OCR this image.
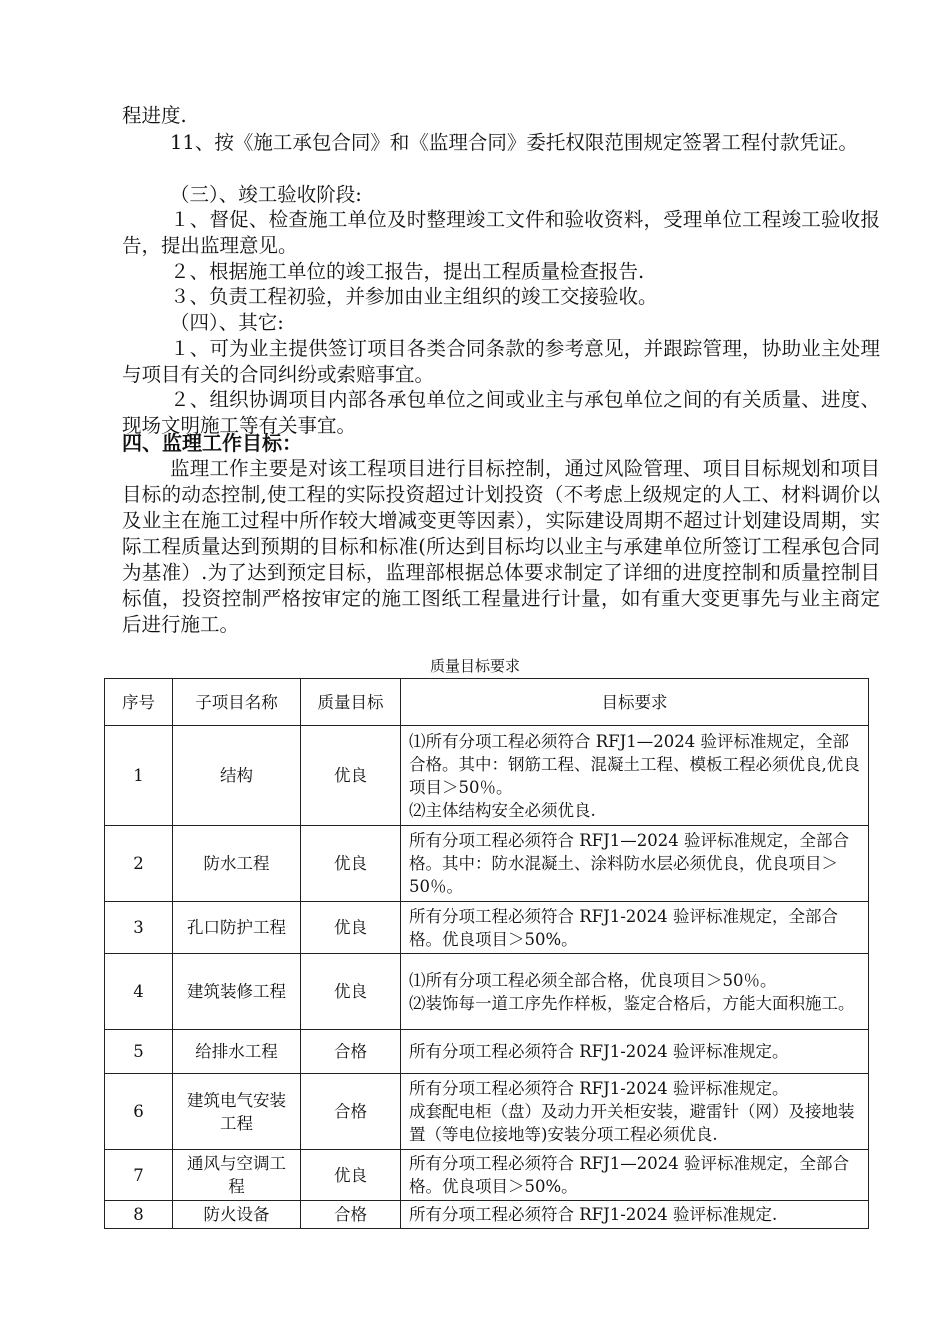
程进度.

11、按《施工承包合同》和《监理合同》委托权限范围规定签署工程付款凭证。

（三）、竣工验收阶段:

１、督促、检查施工单位及时整理竣工文件和验收资料，受理单位工程竣工验收报告，提出监理意见。

２、根据施工单位的竣工报告，提出工程质量检查报告.

３、负责工程初验，并参加由业主组织的竣工交接验收。

（四）、其它:

１、可为业主提供签订项目各类合同条款的参考意见，并跟踪管理，协助业主处理与项目有关的合同纠纷或索赔事宜。

２、组织协调项目内部各承包单位之间或业主与承包单位之间的有关质量、进度、现场文明施工等有关事宜。

四、监理工作目标：

监理工作主要是对该工程项目进行目标控制，通过风险管理、项目目标规划和项目目标的动态控制,使工程的实际投资超过计划投资（不考虑上级规定的人工、材料调价以及业主在施工过程中所作较大增减变更等因素），实际建设周期不超过计划建设周期，实际工程质量达到预期的目标和标准(所达到目标均以业主与承建单位所签订工程承包合同为基准）.为了达到预定目标，监理部根据总体要求制定了详细的进度控制和质量控制目标值，投资控制严格按审定的施工图纸工程量进行计量，如有重大变更事先与业主商定后进行施工。

质量目标要求
序号	子项目名称	质量目标	目标要求
1	结构	优良	⑴所有分项工程必须符合 RFJ1—2024 验评标准规定，全部合格。其中：钢筋工程、混凝土工程、模板工程必须优良,优良项目＞50％。
⑵主体结构安全必须优良.

2	防水工程	优良	所有分项工程必须符合 RFJ1—2024 验评标准规定，全部合格。其中：防水混凝土、涂料防水层必须优良，优良项目＞50％。

3	孔口防护工程	优良	所有分项工程必须符合 RFJ1-2024 验评标准规定，全部合格。优良项目＞50%。

4	建筑装修工程	优良	⑴所有分项工程必须全部合格，优良项目＞50％。
⑵装饰每一道工序先作样板，鉴定合格后，方能大面积施工。

5	给排水工程	合格	所有分项工程必须符合 RFJ1-2024 验评标准规定。

6	建筑电气安装工程	合格	所有分项工程必须符合 RFJ1-2024 验评标准规定。
成套配电柜（盘）及动力开关柜安装，避雷针（网）及接地装置（等电位接地等)安装分项工程必须优良.

7	通风与空调工程	优良	所有分项工程必须符合 RFJ1—2024 验评标准规定，全部合格。优良项目＞50%。

8	防火设备	合格	所有分项工程必须符合 RFJ1-2024 验评标准规定.
